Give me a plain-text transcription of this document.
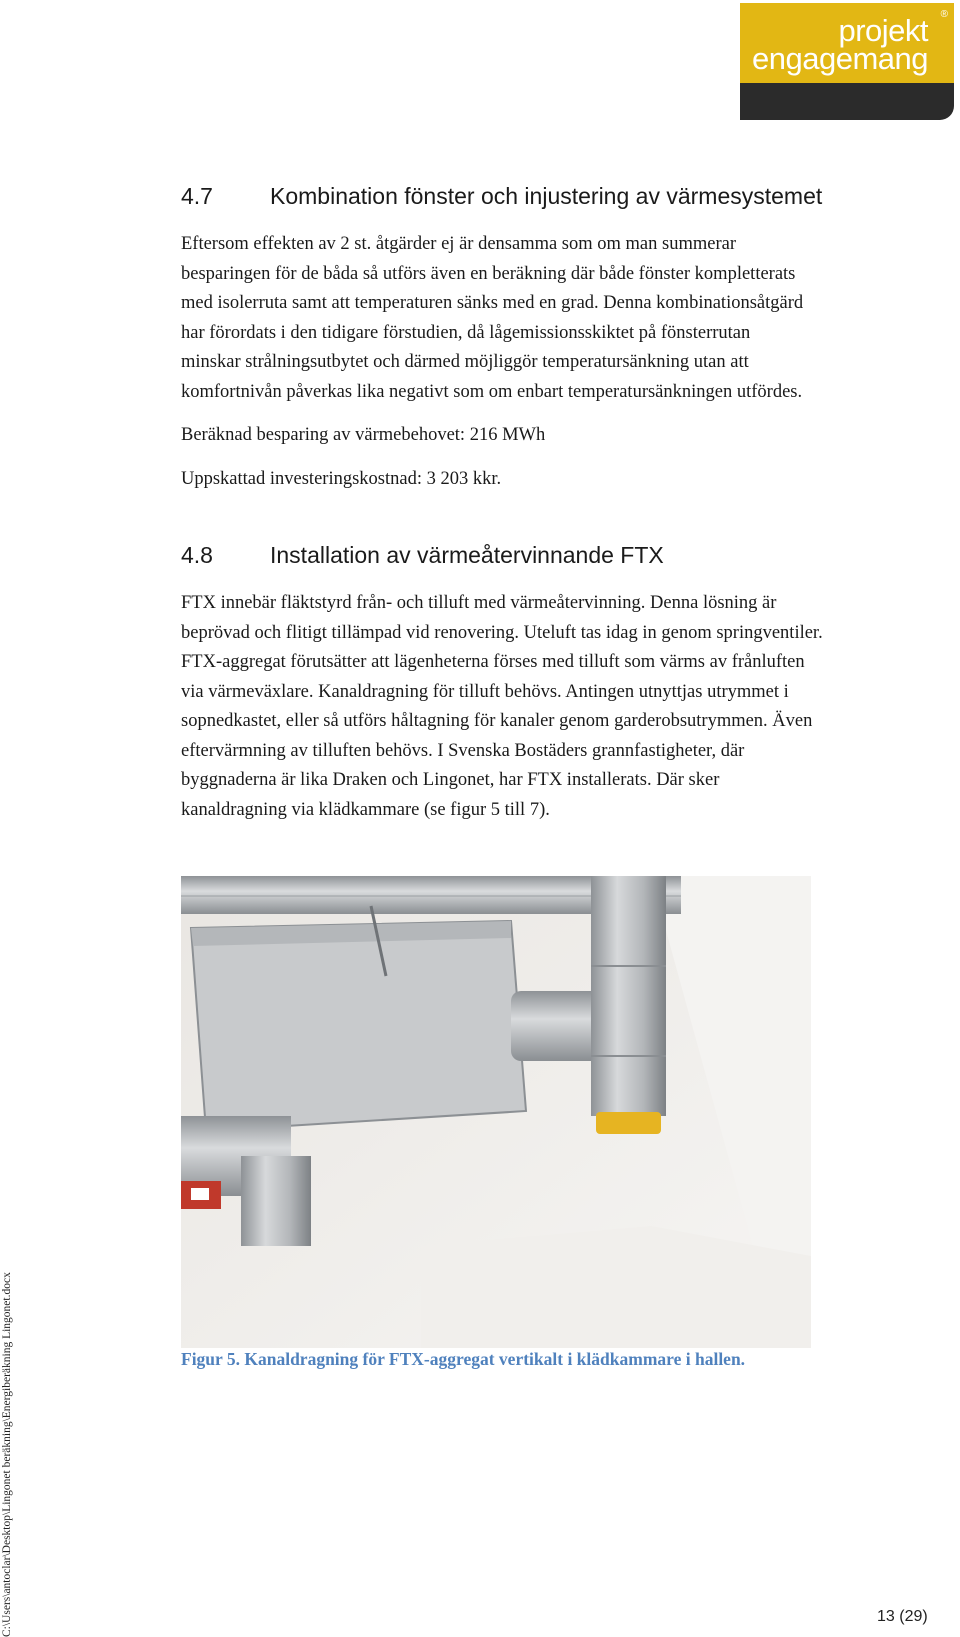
projekt
engagemang
®
4.7 Kombination fönster och injustering av värmesystemet

Eftersom effekten av 2 st. åtgärder ej är densamma som om man summerar
besparingen för de båda så utförs även en beräkning där både fönster kompletterats
med isolerruta samt att temperaturen sänks med en grad. Denna kombinationsåtgärd
har förordats i den tidigare förstudien, då lågemissionsskiktet på fönsterrutan
minskar strålningsutbytet och därmed möjliggör temperatursänkning utan att
komfortnivån påverkas lika negativt som om enbart temperatursänkningen utfördes.

Beräknad besparing av värmebehovet: 216 MWh

Uppskattad investeringskostnad: 3 203 kkr.

4.8 Installation av värmeåtervinnande FTX

FTX innebär fläktstyrd från- och tilluft med värmeåtervinning. Denna lösning är
beprövad och flitigt tillämpad vid renovering. Uteluft tas idag in genom springventiler.
FTX-aggregat förutsätter att lägenheterna förses med tilluft som värms av frånluften
via värmeväxlare. Kanaldragning för tilluft behövs. Antingen utnyttjas utrymmet i
sopnedkastet, eller så utförs håltagning för kanaler genom garderobsutrymmen. Även
eftervärmning av tilluften behövs. I Svenska Bostäders grannfastigheter, där
byggnaderna är lika Draken och Lingonet, har FTX installerats. Där sker
kanaldragning via klädkammare (se figur 5 till 7).

Figur 5. Kanaldragning för FTX-aggregat vertikalt i klädkammare i hallen.

C:\Users\antoclar\Desktop\Lingonet beräkning\Energiberäkning Lingonet.docx	13 (29)
